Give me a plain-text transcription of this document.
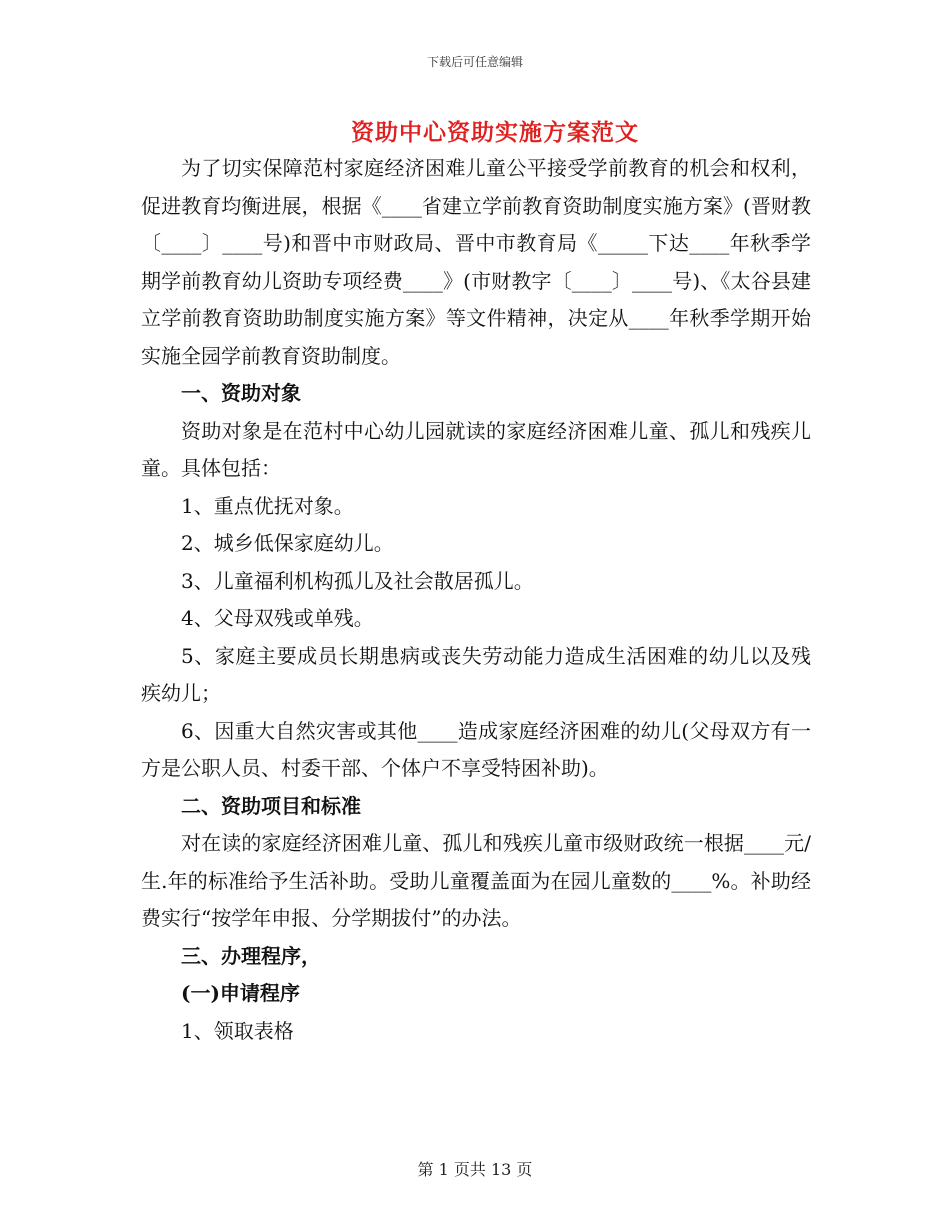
下载后可任意编辑
资助中心资助实施方案范文

为了切实保障范村家庭经济困难儿童公平接受学前教育的机会和权利，促进教育均衡进展，根据《____省建立学前教育资助制度实施方案》(晋财教〔____〕____号)和晋中市财政局、晋中市教育局《_____下达____年秋季学期学前教育幼儿资助专项经费____》(市财教字〔____〕____号)、《太谷县建立学前教育资助助制度实施方案》等文件精神，决定从____年秋季学期开始实施全园学前教育资助制度。

一、资助对象

资助对象是在范村中心幼儿园就读的家庭经济困难儿童、孤儿和残疾儿童。具体包括：

1、重点优抚对象。

2、城乡低保家庭幼儿。

3、儿童福利机构孤儿及社会散居孤儿。

4、父母双残或单残。

5、家庭主要成员长期患病或丧失劳动能力造成生活困难的幼儿以及残疾幼儿；

6、因重大自然灾害或其他____造成家庭经济困难的幼儿(父母双方有一方是公职人员、村委干部、个体户不享受特困补助)。

二、资助项目和标准

对在读的家庭经济困难儿童、孤儿和残疾儿童市级财政统一根据____元/生.年的标准给予生活补助。受助儿童覆盖面为在园儿童数的____%。补助经费实行“按学年申报、分学期拔付”的办法。

三、办理程序，

(一)申请程序

1、领取表格

第 1 页共 13 页
